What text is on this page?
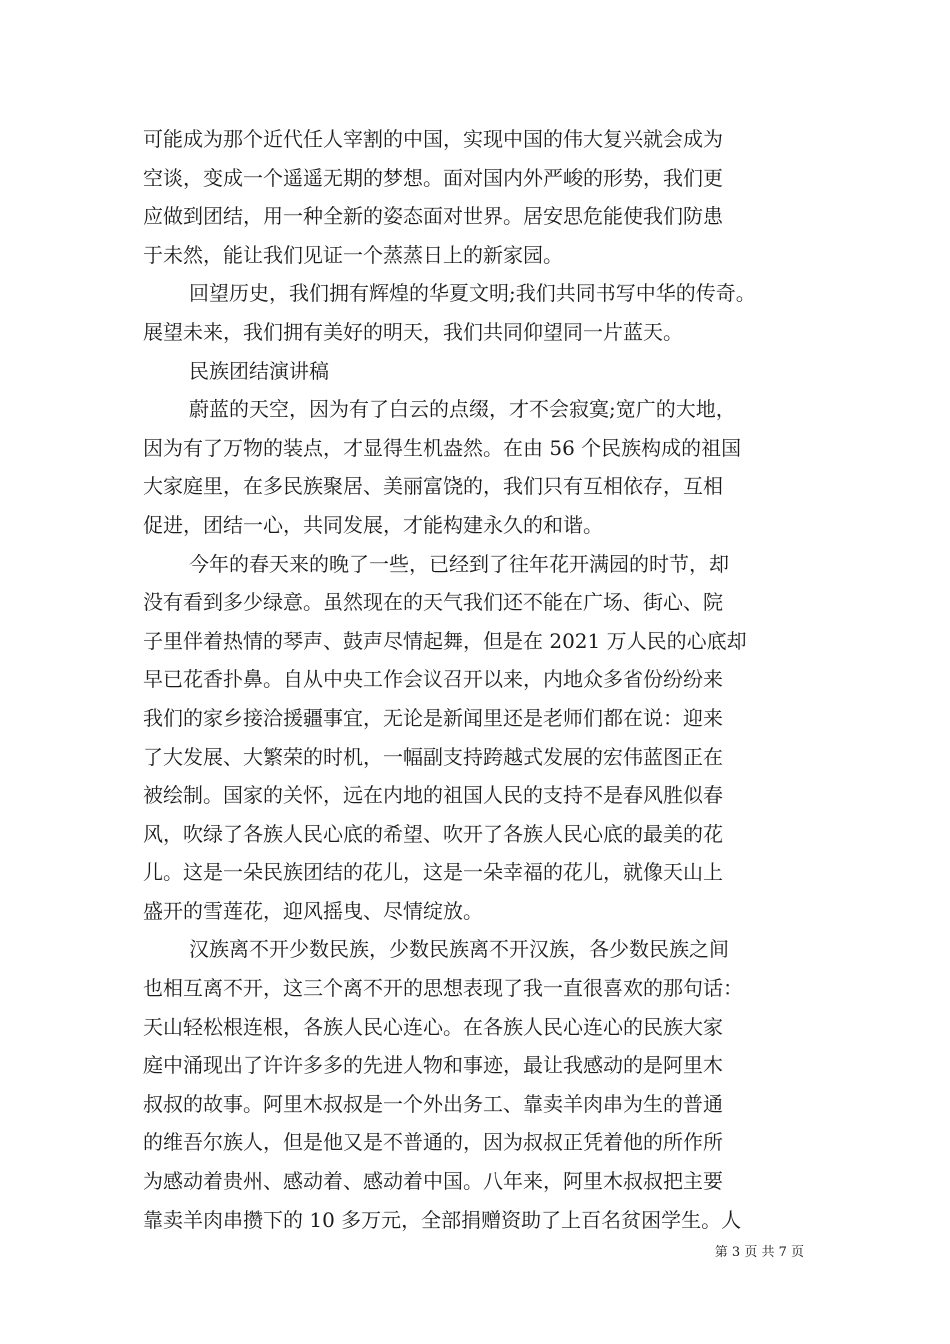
可能成为那个近代任人宰割的中国，实现中国的伟大复兴就会成为
空谈，变成一个遥遥无期的梦想。面对国内外严峻的形势，我们更
应做到团结，用一种全新的姿态面对世界。居安思危能使我们防患
于未然，能让我们见证一个蒸蒸日上的新家园。
回望历史，我们拥有辉煌的华夏文明;我们共同书写中华的传奇。
展望未来，我们拥有美好的明天，我们共同仰望同一片蓝天。
民族团结演讲稿
蔚蓝的天空，因为有了白云的点缀，才不会寂寞;宽广的大地，
因为有了万物的装点，才显得生机盎然。在由 56 个民族构成的祖国
大家庭里，在多民族聚居、美丽富饶的，我们只有互相依存，互相
促进，团结一心，共同发展，才能构建永久的和谐。
今年的春天来的晚了一些，已经到了往年花开满园的时节，却
没有看到多少绿意。虽然现在的天气我们还不能在广场、街心、院
子里伴着热情的琴声、鼓声尽情起舞，但是在 2021 万人民的心底却
早已花香扑鼻。自从中央工作会议召开以来，内地众多省份纷纷来
我们的家乡接洽援疆事宜，无论是新闻里还是老师们都在说：迎来
了大发展、大繁荣的时机，一幅副支持跨越式发展的宏伟蓝图正在
被绘制。国家的关怀，远在内地的祖国人民的支持不是春风胜似春
风，吹绿了各族人民心底的希望、吹开了各族人民心底的最美的花
儿。这是一朵民族团结的花儿，这是一朵幸福的花儿，就像天山上
盛开的雪莲花，迎风摇曳、尽情绽放。
汉族离不开少数民族，少数民族离不开汉族，各少数民族之间
也相互离不开，这三个离不开的思想表现了我一直很喜欢的那句话：
天山轻松根连根，各族人民心连心。在各族人民心连心的民族大家
庭中涌现出了许许多多的先进人物和事迹，最让我感动的是阿里木
叔叔的故事。阿里木叔叔是一个外出务工、靠卖羊肉串为生的普通
的维吾尔族人，但是他又是不普通的，因为叔叔正凭着他的所作所
为感动着贵州、感动着、感动着中国。八年来，阿里木叔叔把主要
靠卖羊肉串攒下的 10 多万元，全部捐赠资助了上百名贫困学生。人
第 3 页 共 7 页
